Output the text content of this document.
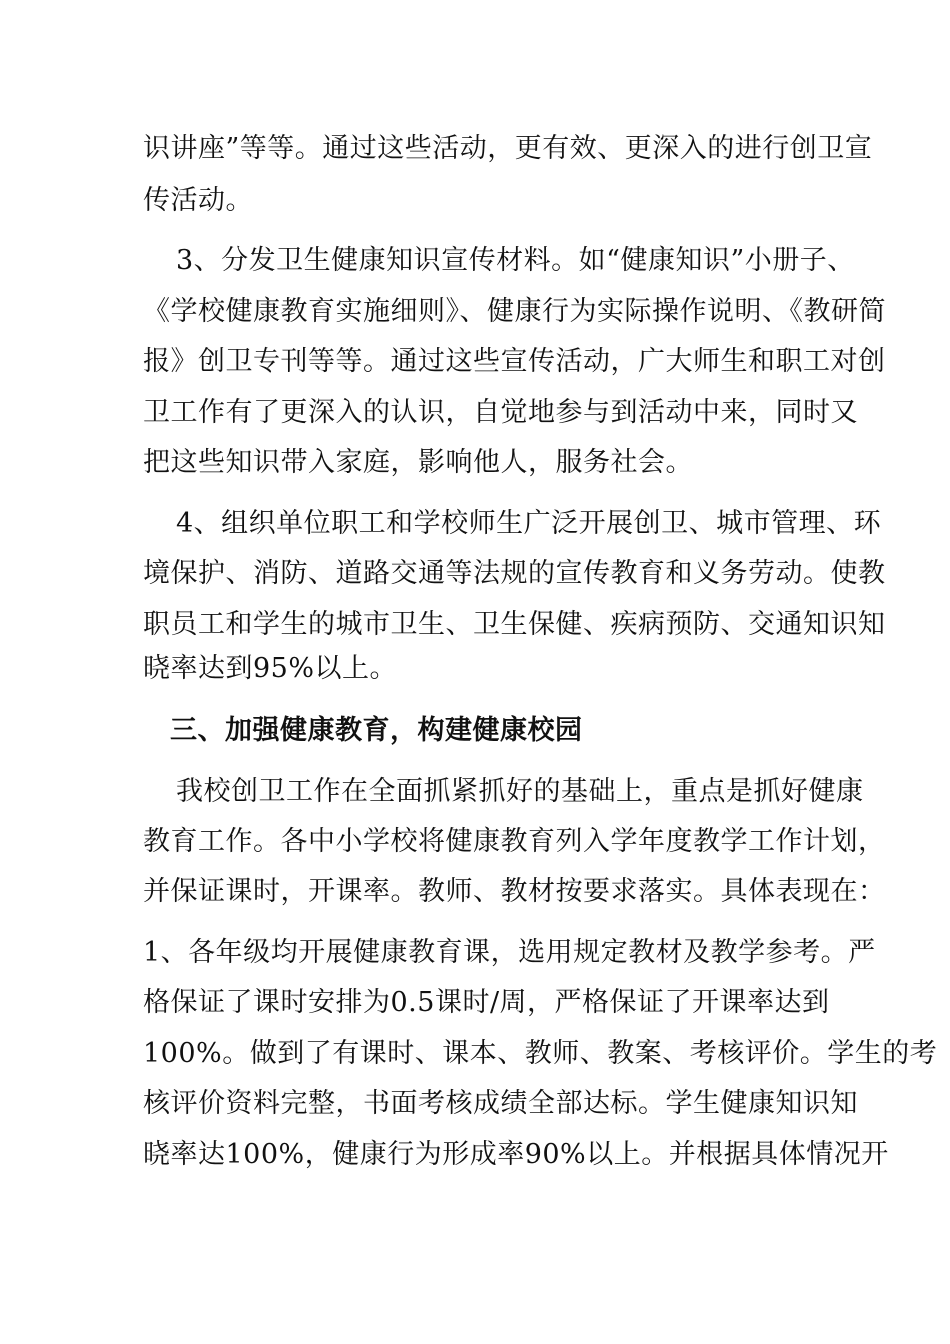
识讲座”等等。通过这些活动，更有效、更深入的进行创卫宣
传活动。
3、分发卫生健康知识宣传材料。如“健康知识”小册子、
《学校健康教育实施细则》、健康行为实际操作说明、《教研简
报》创卫专刊等等。通过这些宣传活动，广大师生和职工对创
卫工作有了更深入的认识，自觉地参与到活动中来，同时又
把这些知识带入家庭，影响他人，服务社会。
4、组织单位职工和学校师生广泛开展创卫、城市管理、环
境保护、消防、道路交通等法规的宣传教育和义务劳动。使教
职员工和学生的城市卫生、卫生保健、疾病预防、交通知识知
晓率达到95%以上。
三、加强健康教育，构建健康校园
我校创卫工作在全面抓紧抓好的基础上，重点是抓好健康
教育工作。各中小学校将健康教育列入学年度教学工作计划，
并保证课时，开课率。教师、教材按要求落实。具体表现在：
1、各年级均开展健康教育课，选用规定教材及教学参考。严
格保证了课时安排为0.5课时/周，严格保证了开课率达到
100%。做到了有课时、课本、教师、教案、考核评价。学生的考
核评价资料完整，书面考核成绩全部达标。学生健康知识知
晓率达100%，健康行为形成率90%以上。并根据具体情况开
